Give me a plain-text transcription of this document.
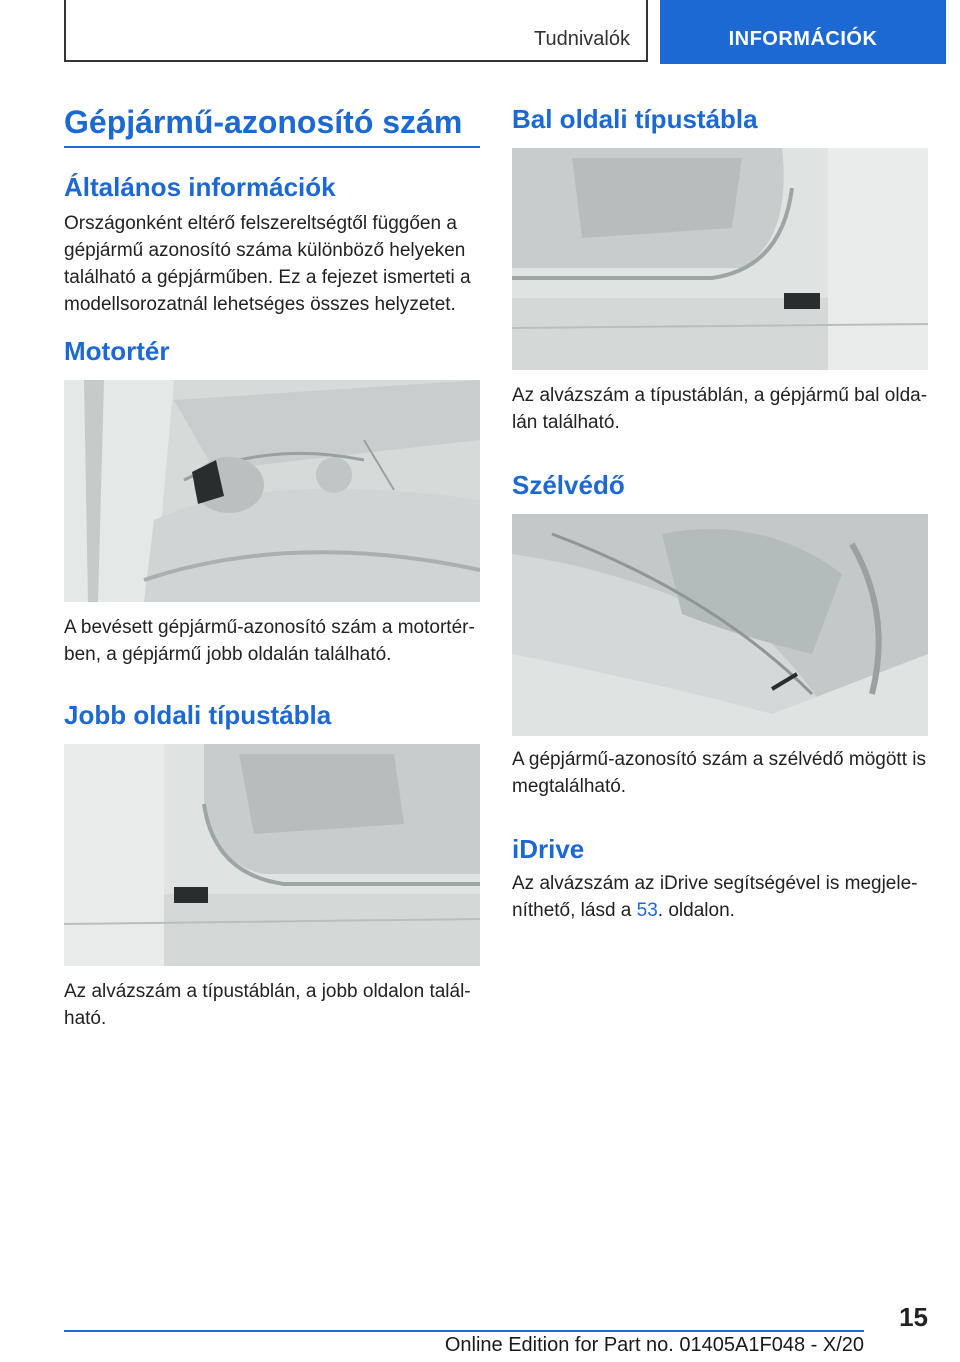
Tudnivalók	INFORMÁCIÓK
Gépjármű-azonosító szám
Általános információk

Országonként eltérő felszereltségtől függően a gépjármű azonosító száma különböző helyeken található a gépjárműben. Ez a fejezet ismerteti a modellsorozatnál lehetséges összes helyzetet.

Motortér

A bevésett gépjármű-azonosító szám a motortér-ben, a gépjármű jobb oldalán található.

Jobb oldali típustábla

Az alvázszám a típustáblán, a jobb oldalon talál-ható.

Bal oldali típustábla

Az alvázszám a típustáblán, a gépjármű bal olda-lán található.

Szélvédő

A gépjármű-azonosító szám a szélvédő mögött is megtalálható.

iDrive

Az alvázszám az iDrive segítségével is megjele-níthető, lásd a 53. oldalon.

15
Online Edition for Part no. 01405A1F048 - X/20
